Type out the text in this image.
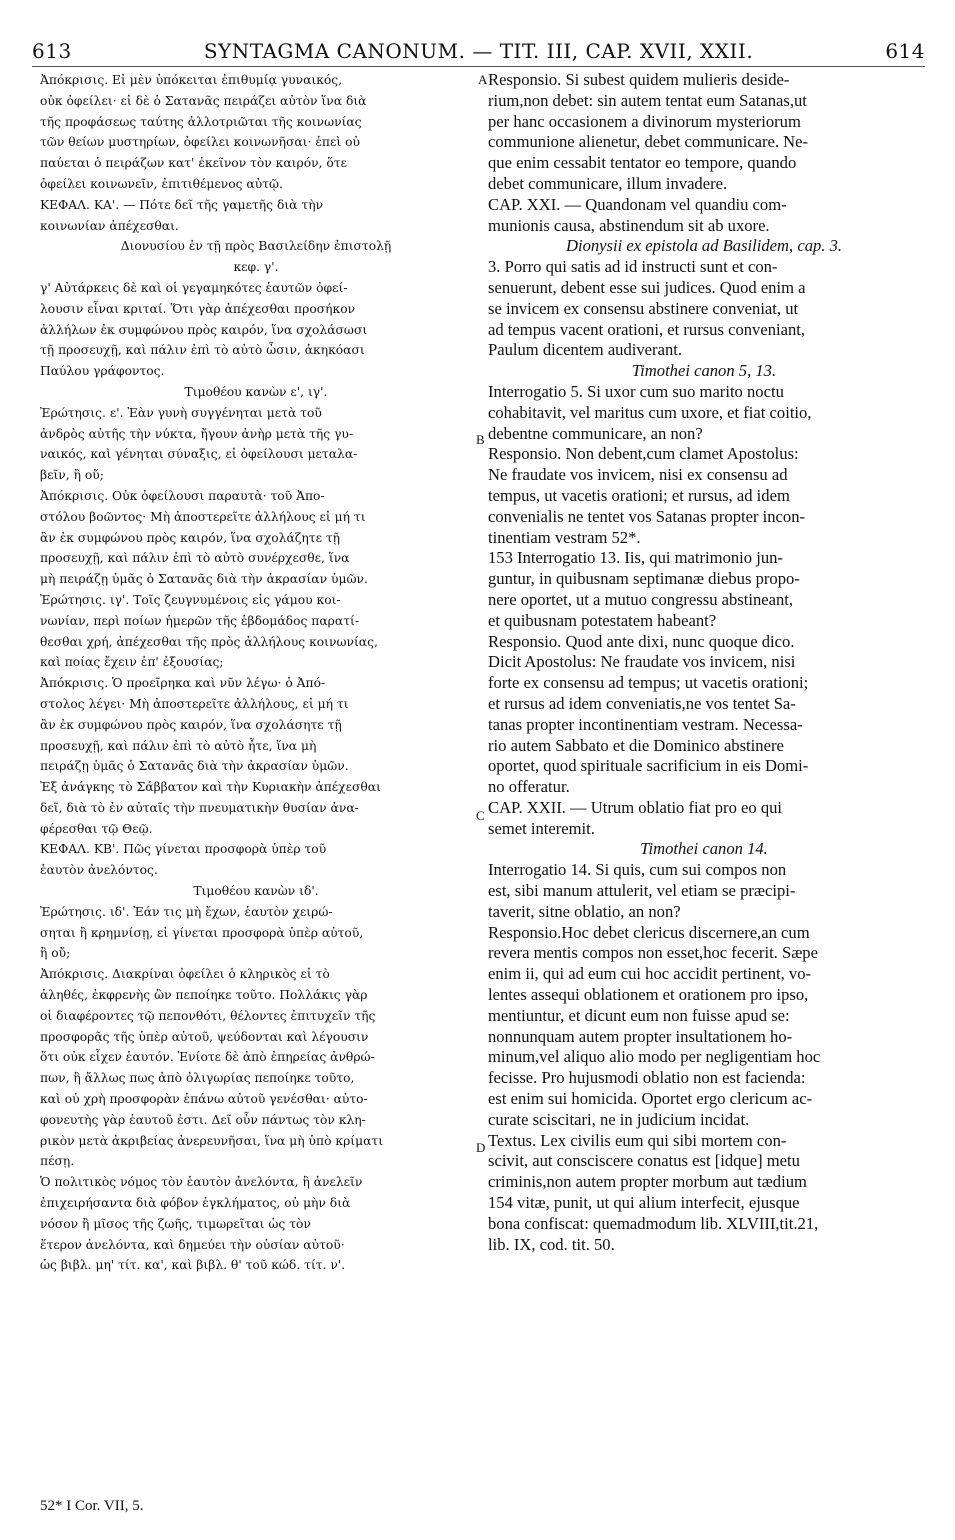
613	SYNTAGMA CANONUM. — TIT. III, CAP. XVII, XXII.	614

Ἀπόκρισις. Εἰ μὲν ὑπόκειται ἐπιθυμίᾳ γυναικός,

οὐκ ὀφείλει· εἰ δὲ ὁ Σατανᾶς πειράζει αὐτὸν ἵνα διὰ

τῆς προφάσεως ταύτης ἀλλοτριῶται τῆς κοινωνίας

τῶν θείων μυστηρίων, ὀφείλει κοινωνῆσαι· ἐπεὶ οὐ

παύεται ὁ πειράζων κατ' ἐκεῖνον τὸν καιρόν, ὅτε

ὀφείλει κοινωνεῖν, ἐπιτιθέμενος αὐτῷ.

ΚΕΦΑΛ. ΚΑ'. — Πότε δεῖ τῆς γαμετῆς διὰ τὴν

κοινωνίαν ἀπέχεσθαι.

Διονυσίου ἐν τῇ πρὸς Βασιλείδην ἐπιστολῇ

κεφ. γ'.

γ' Αὐτάρκεις δὲ καὶ οἱ γεγαμηκότες ἑαυτῶν ὀφεί-

λουσιν εἶναι κριταί. Ὅτι γὰρ ἀπέχεσθαι προσήκον

ἀλλήλων ἐκ συμφώνου πρὸς καιρόν, ἵνα σχολάσωσι

τῇ προσευχῇ, καὶ πάλιν ἐπὶ τὸ αὐτὸ ὦσιν, ἀκηκόασι

Παύλου γράφοντος.

Τιμοθέου κανὼν ε', ιγ'.

Ἐρώτησις. ε'. Ἐὰν γυνὴ συγγένηται μετὰ τοῦ

ἀνδρὸς αὐτῆς τὴν νύκτα, ἤγουν ἀνὴρ μετὰ τῆς γυ-

ναικός, καὶ γένηται σύναξις, εἰ ὀφείλουσι μεταλα-

βεῖν, ἢ οὔ;

Ἀπόκρισις. Οὐκ ὀφείλουσι παραυτὰ· τοῦ Ἀπο-

στόλου βοῶντος· Μὴ ἀποστερεῖτε ἀλλήλους εἰ μή τι

ἂν ἐκ συμφώνου πρὸς καιρόν, ἵνα σχολάζητε τῇ

προσευχῇ, καὶ πάλιν ἐπὶ τὸ αὐτὸ συνέρχεσθε, ἵνα

μὴ πειράζῃ ὑμᾶς ὁ Σατανᾶς διὰ τὴν ἀκρασίαν ὑμῶν.

Ἐρώτησις. ιγ'. Τοῖς ζευγνυμένοις εἰς γάμου κοι-

νωνίαν, περὶ ποίων ἡμερῶν τῆς ἑβδομάδος παρατί-

θεσθαι χρή, ἀπέχεσθαι τῆς πρὸς ἀλλήλους κοινωνίας,

καὶ ποίας ἔχειν ἐπ' ἐξουσίας;

Ἀπόκρισις. Ὁ προεῖρηκα καὶ νῦν λέγω· ὁ Ἀπό-

στολος λέγει· Μὴ ἀποστερεῖτε ἀλλήλους, εἰ μή τι

ἂν ἐκ συμφώνου πρὸς καιρόν, ἵνα σχολάσητε τῇ

προσευχῇ, καὶ πάλιν ἐπὶ τὸ αὐτὸ ἦτε, ἵνα μὴ

πειράζῃ ὑμᾶς ὁ Σατανᾶς διὰ τὴν ἀκρασίαν ὑμῶν.

Ἐξ ἀνάγκης τὸ Σάββατον καὶ τὴν Κυριακὴν ἀπέχεσθαι

δεῖ, διὰ τὸ ἐν αὐταῖς τὴν πνευματικὴν θυσίαν ἀνα-

φέρεσθαι τῷ Θεῷ.

ΚΕΦΑΛ. ΚΒ'. Πῶς γίνεται προσφορὰ ὑπὲρ τοῦ

ἑαυτὸν ἀνελόντος.

Τιμοθέου κανὼν ιδ'.

Ἐρώτησις. ιδ'. Ἐάν τις μὴ ἔχων, ἑαυτὸν χειρώ-

σηται ἢ κρημνίσῃ, εἰ γίνεται προσφορὰ ὑπὲρ αὐτοῦ,

ἢ οὔ;

Ἀπόκρισις. Διακρίναι ὀφείλει ὁ κληρικὸς εἰ τὸ

ἀληθές, ἐκφρενὴς ὢν πεποίηκε τοῦτο. Πολλάκις γὰρ

οἱ διαφέροντες τῷ πεπονθότι, θέλοντες ἐπιτυχεῖν τῆς

προσφορᾶς τῆς ὑπὲρ αὐτοῦ, ψεύδονται καὶ λέγουσιν

ὅτι οὐκ εἶχεν ἑαυτόν. Ἐνίοτε δὲ ἀπὸ ἐπηρείας ἀνθρώ-

πων, ἢ ἄλλως πως ἀπὸ ὀλιγωρίας πεποίηκε τοῦτο,

καὶ οὐ χρὴ προσφορὰν ἐπάνω αὐτοῦ γενέσθαι· αὐτο-

φονευτὴς γὰρ ἑαυτοῦ ἐστι. Δεῖ οὖν πάντως τὸν κλη-

ρικὸν μετὰ ἀκριβείας ἀνερευνῆσαι, ἵνα μὴ ὑπὸ κρίματι

πέσῃ.

Ὁ πολιτικὸς νόμος τὸν ἑαυτὸν ἀνελόντα, ἢ ἀνελεῖν

ἐπιχειρήσαντα διὰ φόβον ἐγκλήματος, οὐ μὴν διὰ

νόσον ἢ μῖσος τῆς ζωῆς, τιμωρεῖται ὡς τὸν

ἕτερον ἀνελόντα, καὶ δημεύει τὴν οὐσίαν αὐτοῦ·

ὡς βιβλ. μη' τίτ. κα', καὶ βιβλ. θ' τοῦ κώδ. τίτ. ν'.

Responsio. Si subest quidem mulieris deside-

rium,non debet: sin autem tentat eum Satanas,ut

per hanc occasionem a divinorum mysteriorum

communione alienetur, debet communicare. Ne-

que enim cessabit tentator eo tempore, quando

debet communicare, illum invadere.

CAP. XXI. — Quandonam vel quandiu com-

munionis causa, abstinendum sit ab uxore.

Dionysii ex epistola ad Basilidem, cap. 3.

3. Porro qui satis ad id instructi sunt et con-

senuerunt, debent esse sui judices. Quod enim a

se invicem ex consensu abstinere conveniat, ut

ad tempus vacent orationi, et rursus conveniant,

Paulum dicentem audiverant.

Timothei canon 5, 13.

Interrogatio 5. Si uxor cum suo marito noctu

cohabitavit, vel maritus cum uxore, et fiat coitio,

debentne communicare, an non?

Responsio. Non debent,cum clamet Apostolus:

Ne fraudate vos invicem, nisi ex consensu ad

tempus, ut vacetis orationi; et rursus, ad idem

convenialis ne tentet vos Satanas propter incon-

tinentiam vestram 52*.

153 Interrogatio 13. Iis, qui matrimonio jun-

guntur, in quibusnam septimanæ diebus propo-

nere oportet, ut a mutuo congressu abstineant,

et quibusnam potestatem habeant?

Responsio. Quod ante dixi, nunc quoque dico.

Dicit Apostolus: Ne fraudate vos invicem, nisi

forte ex consensu ad tempus; ut vacetis orationi;

et rursus ad idem conveniatis,ne vos tentet Sa-

tanas propter incontinentiam vestram. Necessa-

rio autem Sabbato et die Dominico abstinere

oportet, quod spirituale sacrificium in eis Domi-

no offeratur.

CAP. XXII. — Utrum oblatio fiat pro eo qui

semet interemit.

Timothei canon 14.

Interrogatio 14. Si quis, cum sui compos non

est, sibi manum attulerit, vel etiam se præcipi-

taverit, sitne oblatio, an non?

Responsio.Hoc debet clericus discernere,an cum

revera mentis compos non esset,hoc fecerit. Sæpe

enim ii, qui ad eum cui hoc accidit pertinent, vo-

lentes assequi oblationem et orationem pro ipso,

mentiuntur, et dicunt eum non fuisse apud se:

nonnunquam autem propter insultationem ho-

minum,vel aliquo alio modo per negligentiam hoc

fecisse. Pro hujusmodi oblatio non est facienda:

est enim sui homicida. Oportet ergo clericum ac-

curate sciscitari, ne in judicium incidat.

Textus. Lex civilis eum qui sibi mortem con-

scivit, aut consciscere conatus est [idque] metu

criminis,non autem propter morbum aut tædium

154 vitæ, punit, ut qui alium interfecit, ejusque

bona confiscat: quemadmodum lib. XLVIII,tit.21,

lib. IX, cod. tit. 50.

A
B
C
D
52* I Cor. VII, 5.
